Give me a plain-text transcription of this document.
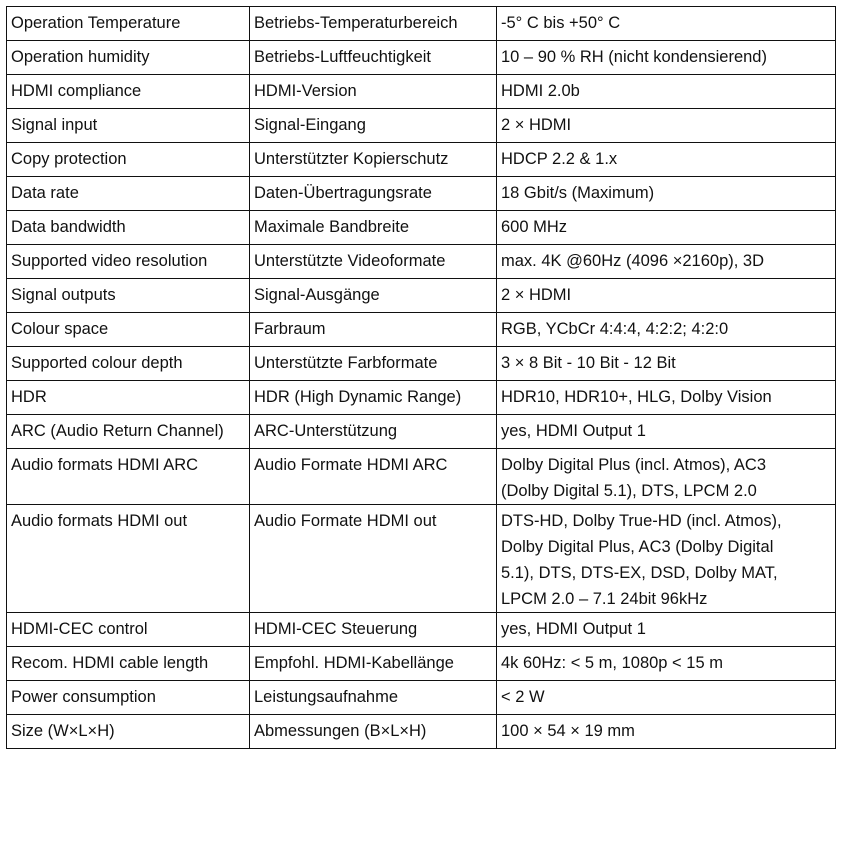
Operation Temperature	Betriebs-Temperaturbereich	-5° C bis +50° C
Operation humidity	Betriebs-Luftfeuchtigkeit	10 – 90 % RH (nicht kondensierend)
HDMI compliance	HDMI-Version	HDMI 2.0b
Signal input	Signal-Eingang	2 × HDMI
Copy protection	Unterstützter Kopierschutz	HDCP 2.2 & 1.x
Data rate	Daten-Übertragungsrate	18 Gbit/s (Maximum)
Data bandwidth	Maximale Bandbreite	600 MHz
Supported video resolution	Unterstützte Videoformate	max. 4K @60Hz (4096 ×2160p), 3D
Signal outputs	Signal-Ausgänge	2 × HDMI
Colour space	Farbraum	RGB, YCbCr 4:4:4, 4:2:2; 4:2:0
Supported colour depth	Unterstützte Farbformate	3 × 8 Bit - 10 Bit - 12 Bit
HDR	HDR (High Dynamic Range)	HDR10, HDR10+, HLG, Dolby Vision
ARC (Audio Return Channel)	ARC-Unterstützung	yes, HDMI Output 1
Audio formats HDMI ARC	Audio Formate HDMI ARC	Dolby Digital Plus (incl. Atmos), AC3
(Dolby Digital 5.1), DTS, LPCM 2.0
Audio formats HDMI out	Audio Formate HDMI out	DTS-HD, Dolby True-HD (incl. Atmos),
Dolby Digital Plus, AC3 (Dolby Digital
5.1), DTS, DTS-EX, DSD, Dolby MAT,
LPCM 2.0 – 7.1 24bit 96kHz
HDMI-CEC control	HDMI-CEC Steuerung	yes, HDMI Output 1
Recom. HDMI cable length	Empfohl. HDMI-Kabellänge	4k 60Hz: < 5 m, 1080p < 15 m
Power consumption	Leistungsaufnahme	< 2 W
Size (W×L×H)	Abmessungen (B×L×H)	100 × 54 × 19 mm
